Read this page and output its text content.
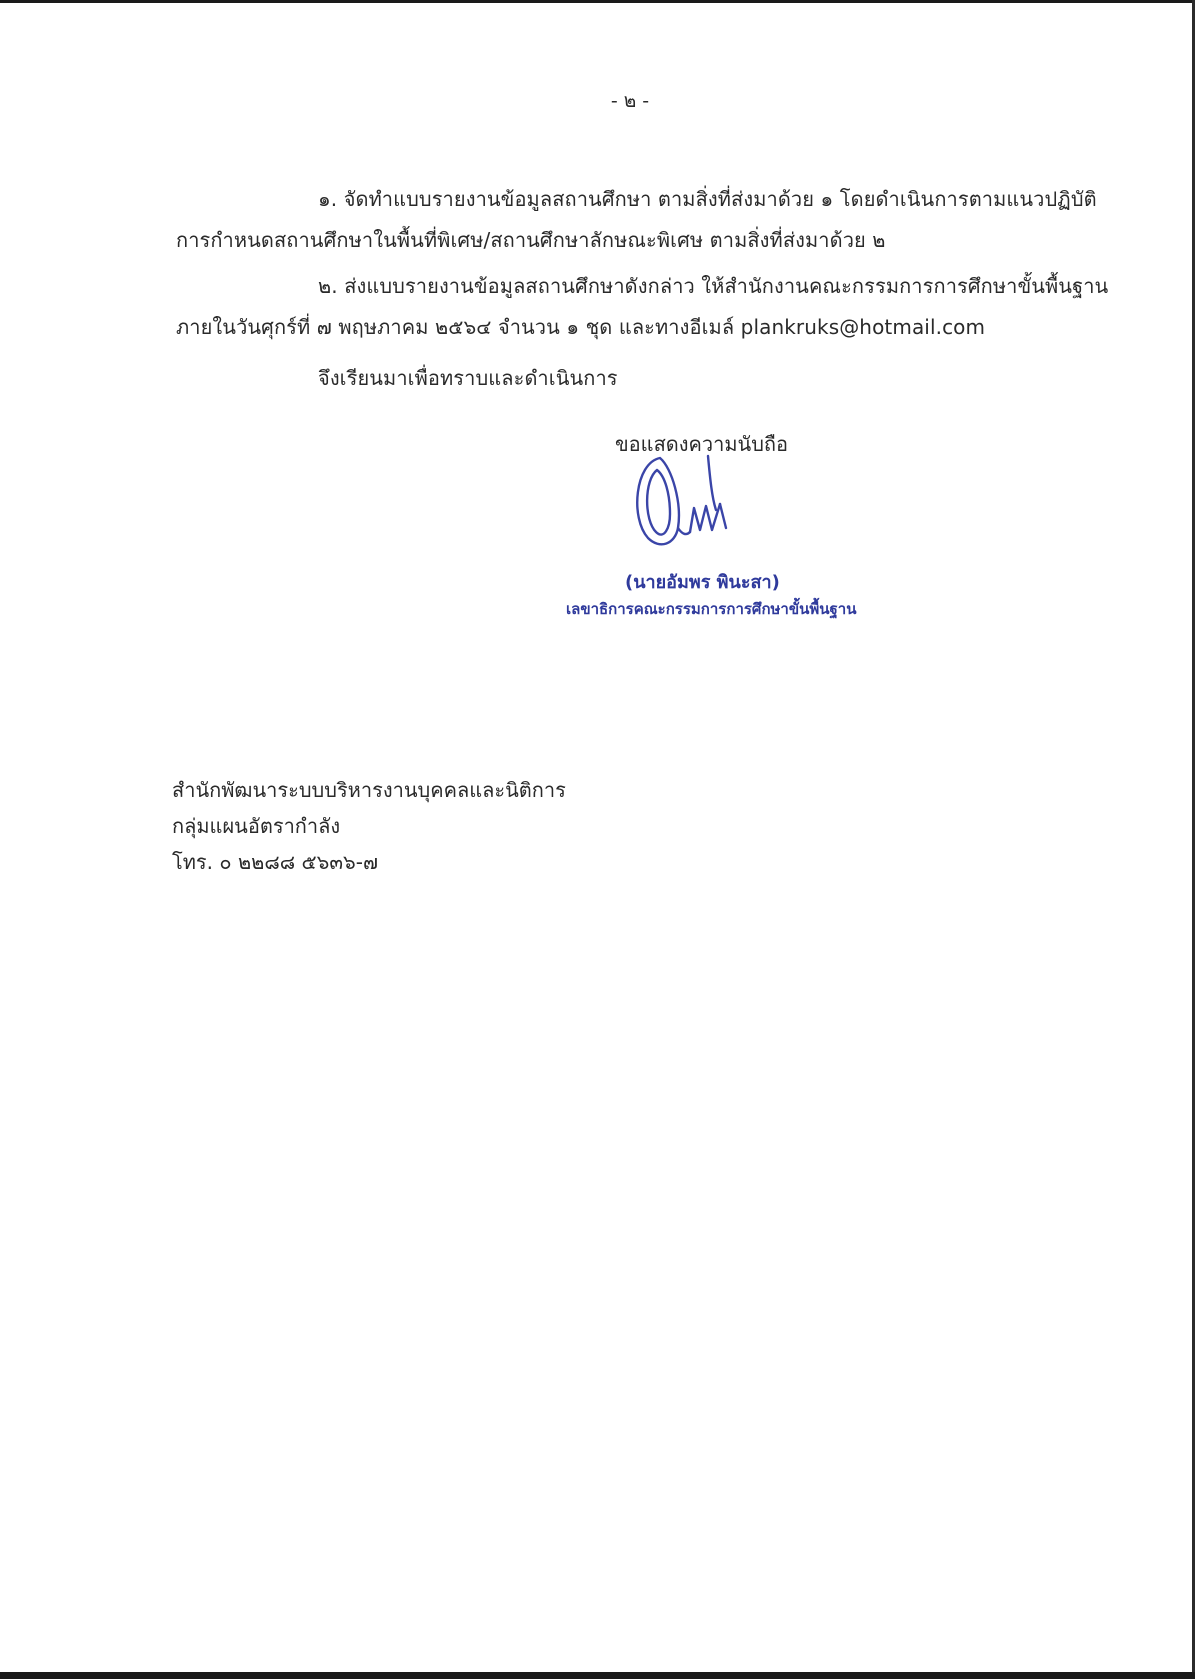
- ๒ -
๑. จัดทำแบบรายงานข้อมูลสถานศึกษา ตามสิ่งที่ส่งมาด้วย ๑ โดยดำเนินการตามแนวปฏิบัติ
การกำหนดสถานศึกษาในพื้นที่พิเศษ/สถานศึกษาลักษณะพิเศษ ตามสิ่งที่ส่งมาด้วย ๒
๒. ส่งแบบรายงานข้อมูลสถานศึกษาดังกล่าว ให้สำนักงานคณะกรรมการการศึกษาขั้นพื้นฐาน
ภายในวันศุกร์ที่ ๗ พฤษภาคม ๒๕๖๔ จำนวน ๑ ชุด และทางอีเมล์ plankruks@hotmail.com
จึงเรียนมาเพื่อทราบและดำเนินการ
ขอแสดงความนับถือ
(นายอัมพร พินะสา)
เลขาธิการคณะกรรมการการศึกษาขั้นพื้นฐาน
สำนักพัฒนาระบบบริหารงานบุคคลและนิติการ
กลุ่มแผนอัตรากำลัง
โทร. ๐ ๒๒๘๘ ๕๖๓๖-๗
